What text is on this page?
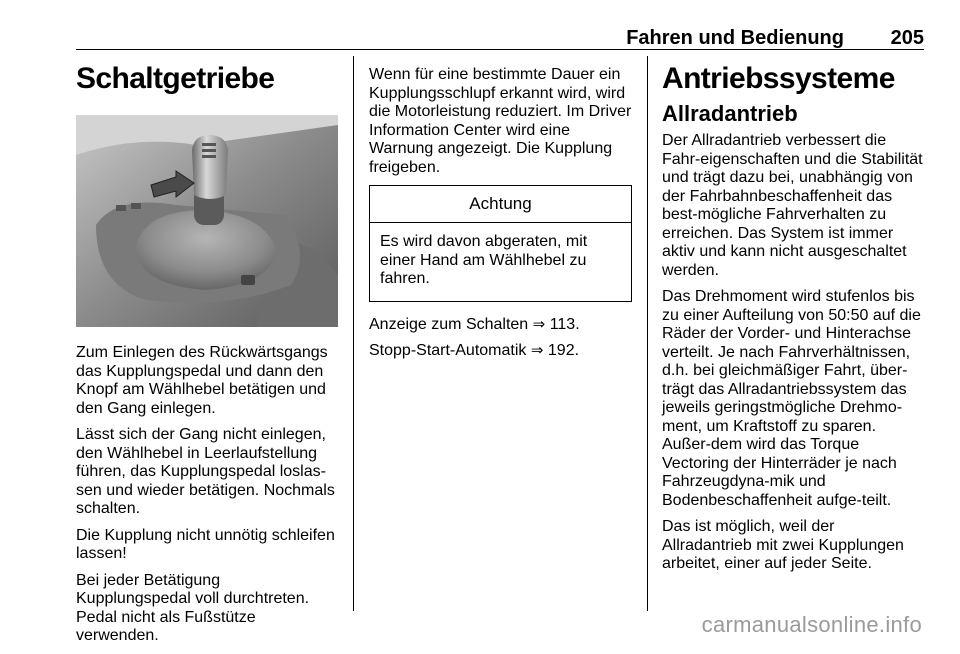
Fahren und Bedienung 205
Schaltgetriebe

Zum Einlegen des Rückwärtsgangs das Kupplungspedal und dann den Knopf am Wählhebel betätigen und den Gang einlegen.

Lässt sich der Gang nicht einlegen, den Wählhebel in Leerlaufstellung führen, das Kupplungspedal loslas-sen und wieder betätigen. Nochmals schalten.

Die Kupplung nicht unnötig schleifen lassen!

Bei jeder Betätigung Kupplungspedal voll durchtreten. Pedal nicht als Fußstütze verwenden.

Wenn für eine bestimmte Dauer ein Kupplungsschlupf erkannt wird, wird die Motorleistung reduziert. Im Driver Information Center wird eine Warnung angezeigt. Die Kupplung freigeben.

Achtung
Es wird davon abgeraten, mit einer Hand am Wählhebel zu fahren.

Anzeige zum Schalten ⇒ 113.

Stopp-Start-Automatik ⇒ 192.

Antriebssysteme
Allradantrieb

Der Allradantrieb verbessert die Fahr-eigenschaften und die Stabilität und trägt dazu bei, unabhängig von der Fahrbahnbeschaffenheit das best-mögliche Fahrverhalten zu erreichen. Das System ist immer aktiv und kann nicht ausgeschaltet werden.

Das Drehmoment wird stufenlos bis zu einer Aufteilung von 50:50 auf die Räder der Vorder- und Hinterachse verteilt. Je nach Fahrverhältnissen, d.h. bei gleichmäßiger Fahrt, über-trägt das Allradantriebssystem das jeweils geringstmögliche Drehmo-ment, um Kraftstoff zu sparen. Außer-dem wird das Torque Vectoring der Hinterräder je nach Fahrzeugdyna-mik und Bodenbeschaffenheit aufge-teilt.

Das ist möglich, weil der Allradantrieb mit zwei Kupplungen arbeitet, einer auf jeder Seite.

carmanualsonline.info
